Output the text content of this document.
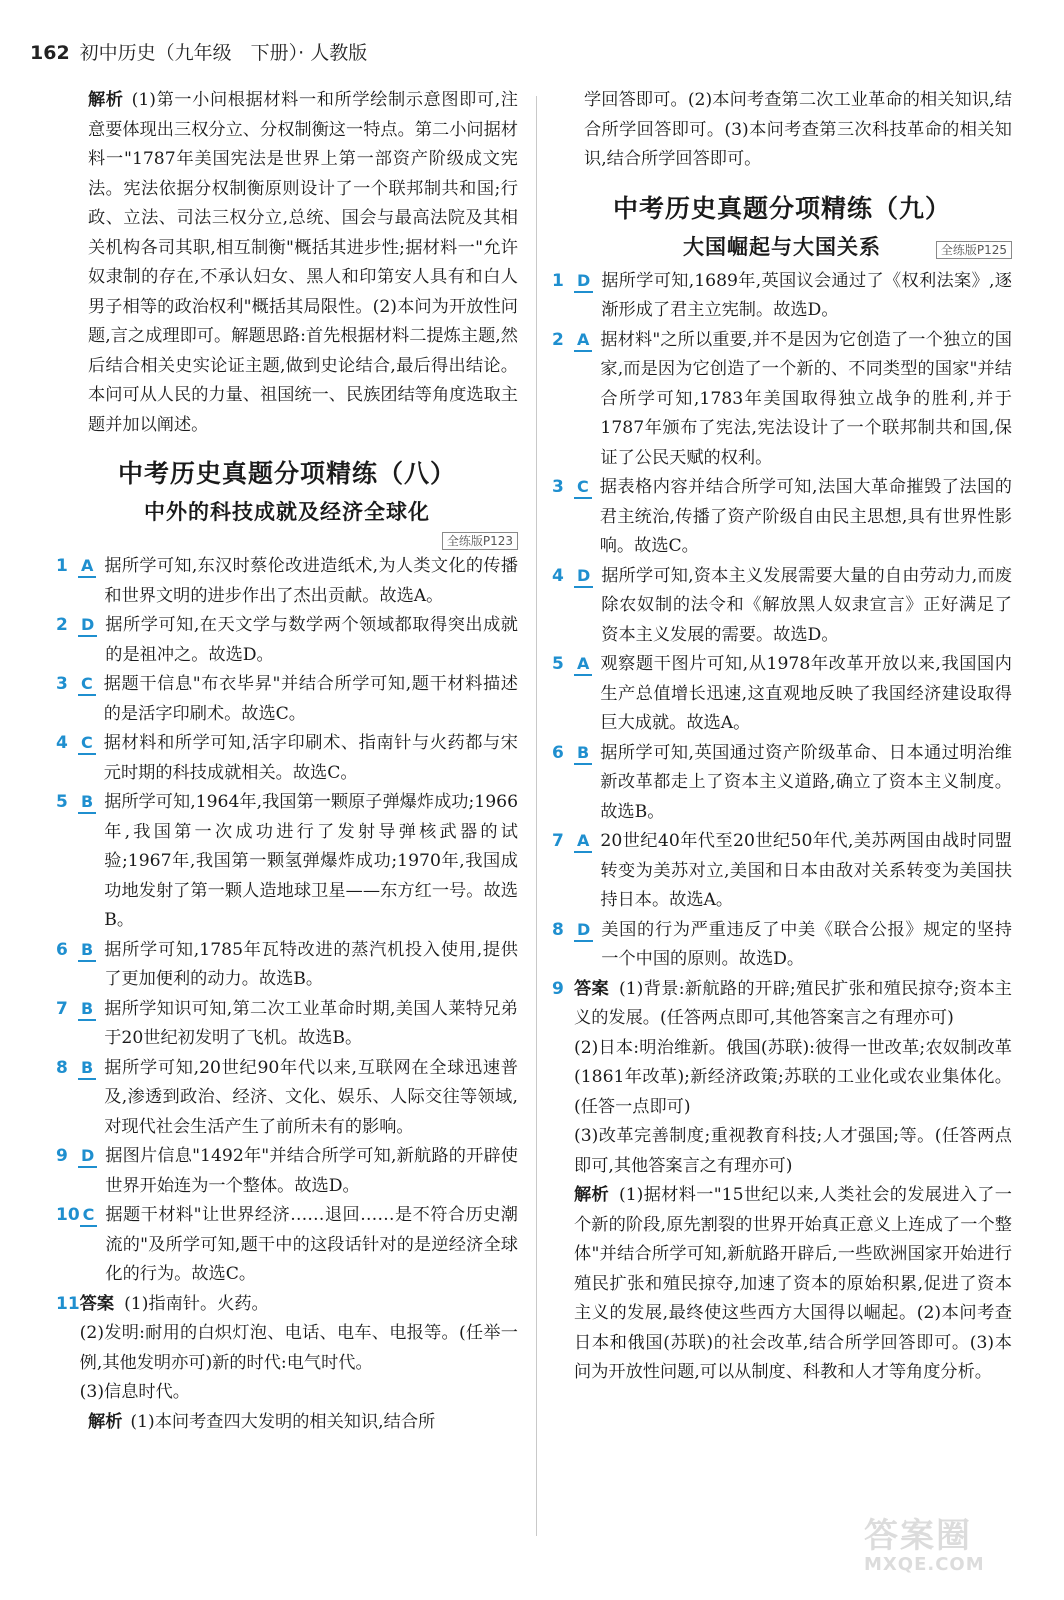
162 初中历史（九年级　下册）· 人教版

解析 (1)第一小问根据材料一和所学绘制示意图即可,注意要体现出三权分立、分权制衡这一特点。第二小问据材料一"1787年美国宪法是世界上第一部资产阶级成文宪法。宪法依据分权制衡原则设计了一个联邦制共和国;行政、立法、司法三权分立,总统、国会与最高法院及其相关机构各司其职,相互制衡"概括其进步性;据材料一"允许奴隶制的存在,不承认妇女、黑人和印第安人具有和白人男子相等的政治权利"概括其局限性。(2)本问为开放性问题,言之成理即可。解题思路:首先根据材料二提炼主题,然后结合相关史实论证主题,做到史论结合,最后得出结论。本问可从人民的力量、祖国统一、民族团结等角度选取主题并加以阐述。

中考历史真题分项精练（八）
中外的科技成就及经济全球化
全练版P123
1 A 据所学可知,东汉时蔡伦改进造纸术,为人类文化的传播和世界文明的进步作出了杰出贡献。故选A。

2 D 据所学可知,在天文学与数学两个领域都取得突出成就的是祖冲之。故选D。

3 C 据题干信息"布衣毕昇"并结合所学可知,题干材料描述的是活字印刷术。故选C。

4 C 据材料和所学可知,活字印刷术、指南针与火药都与宋元时期的科技成就相关。故选C。

5 B 据所学可知,1964年,我国第一颗原子弹爆炸成功;1966年,我国第一次成功进行了发射导弹核武器的试验;1967年,我国第一颗氢弹爆炸成功;1970年,我国成功地发射了第一颗人造地球卫星——东方红一号。故选B。

6 B 据所学可知,1785年瓦特改进的蒸汽机投入使用,提供了更加便利的动力。故选B。

7 B 据所学知识可知,第二次工业革命时期,美国人莱特兄弟于20世纪初发明了飞机。故选B。

8 B 据所学可知,20世纪90年代以来,互联网在全球迅速普及,渗透到政治、经济、文化、娱乐、人际交往等领域,对现代社会生活产生了前所未有的影响。

9 D 据图片信息"1492年"并结合所学可知,新航路的开辟使世界开始连为一个整体。故选D。

10 C 据题干材料"让世界经济……退回……是不符合历史潮流的"及所学可知,题干中的这段话针对的是逆经济全球化的行为。故选C。

11 答案 (1)指南针。火药。

(2)发明:耐用的白炽灯泡、电话、电车、电报等。(任举一例,其他发明亦可)新的时代:电气时代。

(3)信息时代。

解析 (1)本问考查四大发明的相关知识,结合所

学回答即可。(2)本问考查第二次工业革命的相关知识,结合所学回答即可。(3)本问考查第三次科技革命的相关知识,结合所学回答即可。

中考历史真题分项精练（九）
大国崛起与大国关系	全练版P125
1 D 据所学可知,1689年,英国议会通过了《权利法案》,逐渐形成了君主立宪制。故选D。

2 A 据材料"之所以重要,并不是因为它创造了一个独立的国家,而是因为它创造了一个新的、不同类型的国家"并结合所学可知,1783年美国取得独立战争的胜利,并于1787年颁布了宪法,宪法设计了一个联邦制共和国,保证了公民天赋的权利。

3 C 据表格内容并结合所学可知,法国大革命摧毁了法国的君主统治,传播了资产阶级自由民主思想,具有世界性影响。故选C。

4 D 据所学可知,资本主义发展需要大量的自由劳动力,而废除农奴制的法令和《解放黑人奴隶宣言》正好满足了资本主义发展的需要。故选D。

5 A 观察题干图片可知,从1978年改革开放以来,我国国内生产总值增长迅速,这直观地反映了我国经济建设取得巨大成就。故选A。

6 B 据所学可知,英国通过资产阶级革命、日本通过明治维新改革都走上了资本主义道路,确立了资本主义制度。故选B。

7 A 20世纪40年代至20世纪50年代,美苏两国由战时同盟转变为美苏对立,美国和日本由敌对关系转变为美国扶持日本。故选A。

8 D 美国的行为严重违反了中美《联合公报》规定的坚持一个中国的原则。故选D。

9 答案 (1)背景:新航路的开辟;殖民扩张和殖民掠夺;资本主义的发展。(任答两点即可,其他答案言之有理亦可)

(2)日本:明治维新。俄国(苏联):彼得一世改革;农奴制改革(1861年改革);新经济政策;苏联的工业化或农业集体化。(任答一点即可)

(3)改革完善制度;重视教育科技;人才强国;等。(任答两点即可,其他答案言之有理亦可)

解析 (1)据材料一"15世纪以来,人类社会的发展进入了一个新的阶段,原先割裂的世界开始真正意义上连成了一个整体"并结合所学可知,新航路开辟后,一些欧洲国家开始进行殖民扩张和殖民掠夺,加速了资本的原始积累,促进了资本主义的发展,最终使这些西方大国得以崛起。(2)本问考查日本和俄国(苏联)的社会改革,结合所学回答即可。(3)本问为开放性问题,可以从制度、科教和人才等角度分析。

答案圈
MXQE.COM
